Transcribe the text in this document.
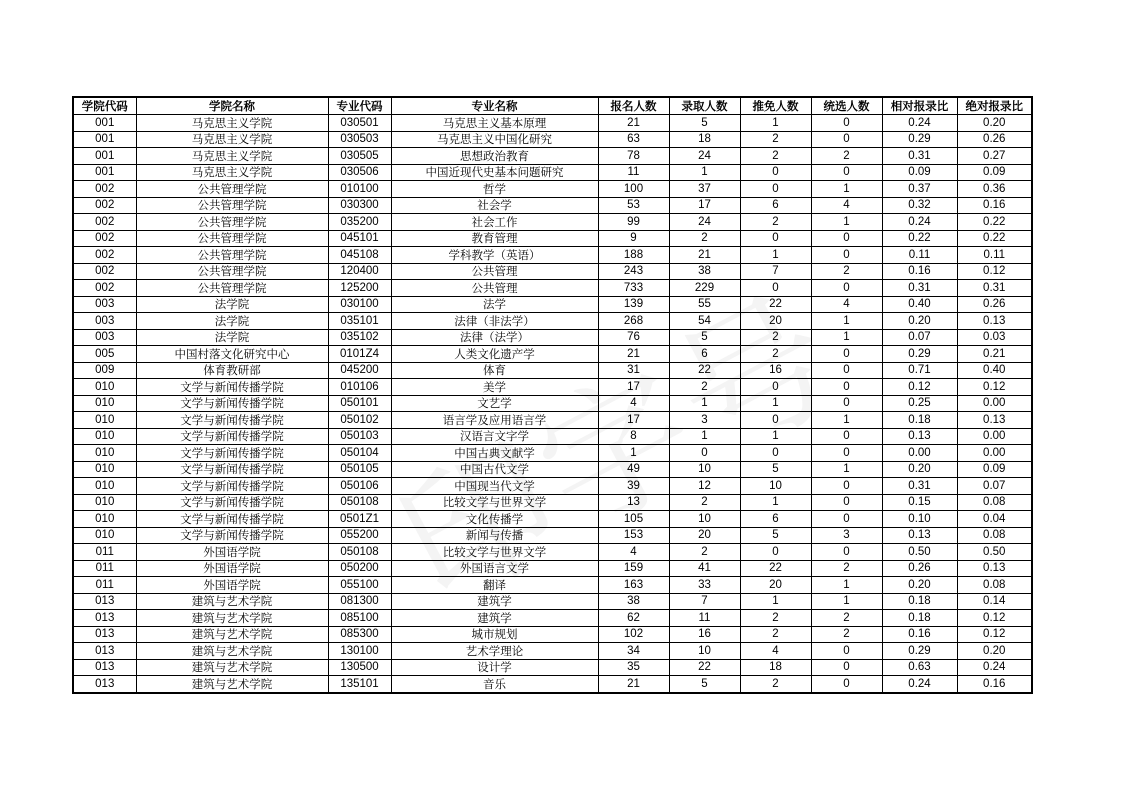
学院代码	学院名称	专业代码	专业名称	报名人数	录取人数	推免人数	统选人数	相对报录比	绝对报录比
001	马克思主义学院	030501	马克思主义基本原理	21	5	1	0	0.24	0.20
001	马克思主义学院	030503	马克思主义中国化研究	63	18	2	0	0.29	0.26
001	马克思主义学院	030505	思想政治教育	78	24	2	2	0.31	0.27
001	马克思主义学院	030506	中国近现代史基本问题研究	11	1	0	0	0.09	0.09
002	公共管理学院	010100	哲学	100	37	0	1	0.37	0.36
002	公共管理学院	030300	社会学	53	17	6	4	0.32	0.16
002	公共管理学院	035200	社会工作	99	24	2	1	0.24	0.22
002	公共管理学院	045101	教育管理	9	2	0	0	0.22	0.22
002	公共管理学院	045108	学科教学（英语）	188	21	1	0	0.11	0.11
002	公共管理学院	120400	公共管理	243	38	7	2	0.16	0.12
002	公共管理学院	125200	公共管理	733	229	0	0	0.31	0.31
003	法学院	030100	法学	139	55	22	4	0.40	0.26
003	法学院	035101	法律（非法学）	268	54	20	1	0.20	0.13
003	法学院	035102	法律（法学）	76	5	2	1	0.07	0.03
005	中国村落文化研究中心	0101Z4	人类文化遗产学	21	6	2	0	0.29	0.21
009	体育教研部	045200	体育	31	22	16	0	0.71	0.40
010	文学与新闻传播学院	010106	美学	17	2	0	0	0.12	0.12
010	文学与新闻传播学院	050101	文艺学	4	1	1	0	0.25	0.00
010	文学与新闻传播学院	050102	语言学及应用语言学	17	3	0	1	0.18	0.13
010	文学与新闻传播学院	050103	汉语言文字学	8	1	1	0	0.13	0.00
010	文学与新闻传播学院	050104	中国古典文献学	1	0	0	0	0.00	0.00
010	文学与新闻传播学院	050105	中国古代文学	49	10	5	1	0.20	0.09
010	文学与新闻传播学院	050106	中国现当代文学	39	12	10	0	0.31	0.07
010	文学与新闻传播学院	050108	比较文学与世界文学	13	2	1	0	0.15	0.08
010	文学与新闻传播学院	0501Z1	文化传播学	105	10	6	0	0.10	0.04
010	文学与新闻传播学院	055200	新闻与传播	153	20	5	3	0.13	0.08
011	外国语学院	050108	比较文学与世界文学	4	2	0	0	0.50	0.50
011	外国语学院	050200	外国语言文学	159	41	22	2	0.26	0.13
011	外国语学院	055100	翻译	163	33	20	1	0.20	0.08
013	建筑与艺术学院	081300	建筑学	38	7	1	1	0.18	0.14
013	建筑与艺术学院	085100	建筑学	62	11	2	2	0.18	0.12
013	建筑与艺术学院	085300	城市规划	102	16	2	2	0.16	0.12
013	建筑与艺术学院	130100	艺术学理论	34	10	4	0	0.29	0.20
013	建筑与艺术学院	130500	设计学	35	22	18	0	0.63	0.24
013	建筑与艺术学院	135101	音乐	21	5	2	0	0.24	0.16
